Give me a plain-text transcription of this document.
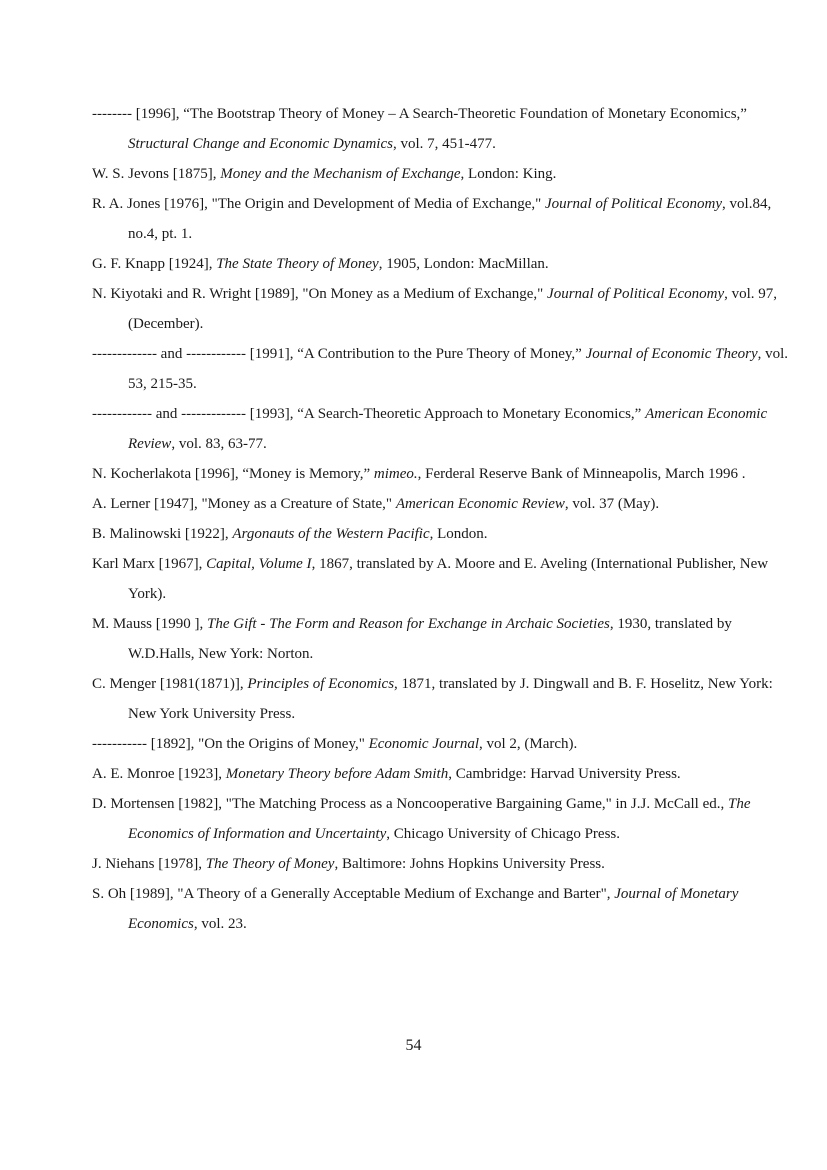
-------- [1996], “The Bootstrap Theory of Money – A Search-Theoretic Foundation of Monetary Economics,” Structural Change and Economic Dynamics, vol. 7, 451-477.

W. S. Jevons [1875], Money and the Mechanism of Exchange, London: King.

R. A. Jones [1976], "The Origin and Development of Media of Exchange," Journal of Political Economy, vol.84, no.4, pt. 1.

G. F. Knapp [1924], The State Theory of Money, 1905, London: MacMillan.

N. Kiyotaki and R. Wright [1989], "On Money as a Medium of Exchange," Journal of Political Economy, vol. 97, (December).

------------- and ------------ [1991], “A Contribution to the Pure Theory of Money,” Journal of Economic Theory, vol. 53, 215-35.

------------ and ------------- [1993], “A Search-Theoretic Approach to Monetary Economics,” American Economic Review, vol. 83, 63-77.

N. Kocherlakota [1996], “Money is Memory,” mimeo., Ferderal Reserve Bank of Minneapolis, March 1996 .

A. Lerner [1947], "Money as a Creature of State," American Economic Review, vol. 37 (May).

B. Malinowski [1922], Argonauts of the Western Pacific, London.

Karl Marx [1967], Capital, Volume I, 1867, translated by A. Moore and E. Aveling (International Publisher, New York).

M. Mauss [1990 ], The Gift - The Form and Reason for Exchange in Archaic Societies, 1930, translated by W.D.Halls, New York: Norton.

C. Menger [1981(1871)], Principles of Economics, 1871, translated by J. Dingwall and B. F. Hoselitz, New York: New York University Press.

----------- [1892], "On the Origins of Money," Economic Journal, vol 2, (March).

A. E. Monroe [1923], Monetary Theory before Adam Smith, Cambridge: Harvad University Press.

D. Mortensen [1982], "The Matching Process as a Noncooperative Bargaining Game," in J.J. McCall ed., The Economics of Information and Uncertainty, Chicago University of Chicago Press.

J. Niehans [1978], The Theory of Money, Baltimore: Johns Hopkins University Press.

S. Oh [1989], "A Theory of a Generally Acceptable Medium of Exchange and Barter", Journal of Monetary Economics, vol. 23.

54
